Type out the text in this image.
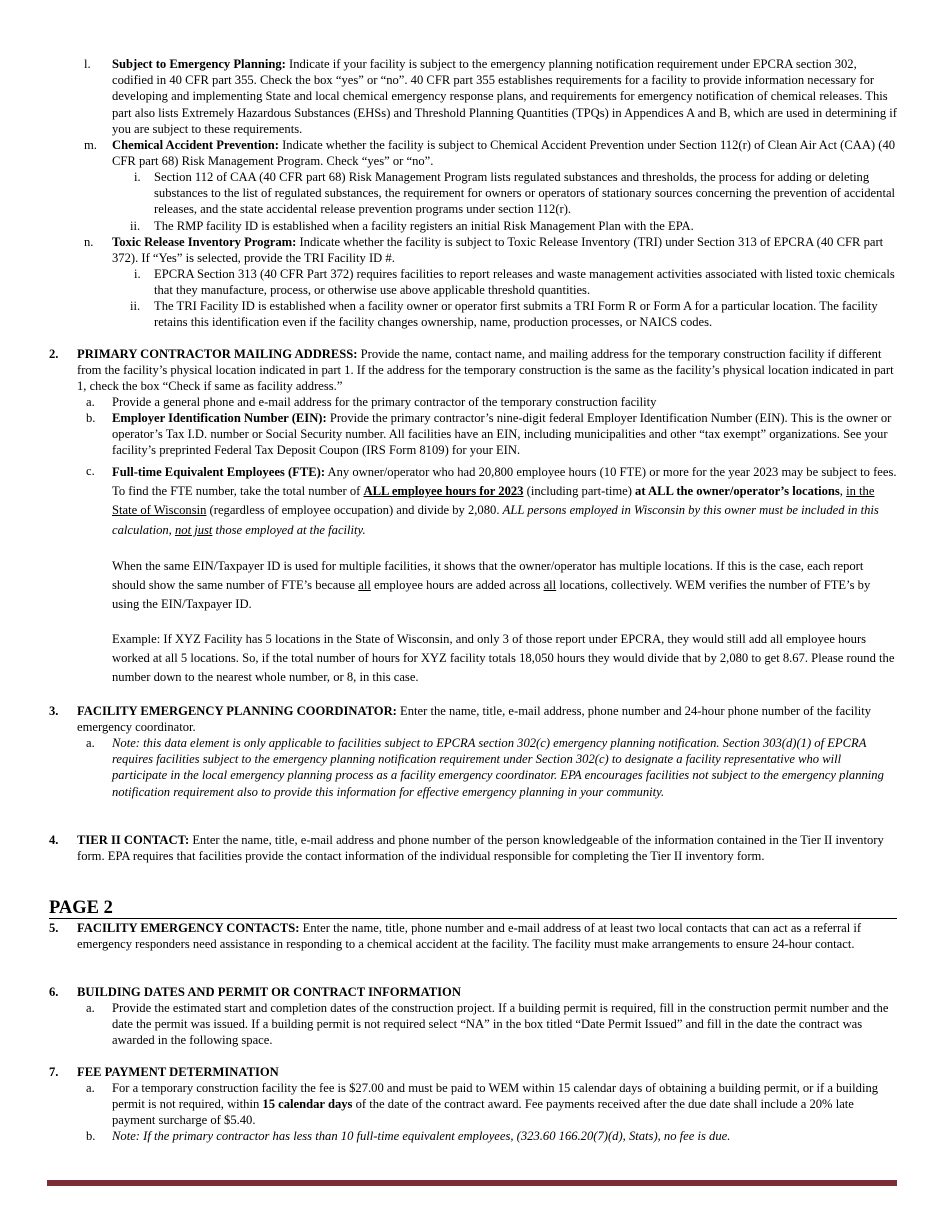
l. Subject to Emergency Planning: Indicate if your facility is subject to the emergency planning notification requirement under EPCRA section 302, codified in 40 CFR part 355. Check the box “yes” or “no”. 40 CFR part 355 establishes requirements for a facility to provide information necessary for developing and implementing State and local chemical emergency response plans, and requirements for emergency notification of chemical releases. This part also lists Extremely Hazardous Substances (EHSs) and Threshold Planning Quantities (TPQs) in Appendices A and B, which are used in determining if you are subject to these requirements.
m. Chemical Accident Prevention: Indicate whether the facility is subject to Chemical Accident Prevention under Section 112(r) of Clean Air Act (CAA) (40 CFR part 68) Risk Management Program. Check “yes” or “no”.
i. Section 112 of CAA (40 CFR part 68) Risk Management Program lists regulated substances and thresholds, the process for adding or deleting substances to the list of regulated substances, the requirement for owners or operators of stationary sources concerning the prevention of accidental releases, and the state accidental release prevention programs under section 112(r).
ii. The RMP facility ID is established when a facility registers an initial Risk Management Plan with the EPA.
n. Toxic Release Inventory Program: Indicate whether the facility is subject to Toxic Release Inventory (TRI) under Section 313 of EPCRA (40 CFR part 372). If “Yes” is selected, provide the TRI Facility ID #.
i. EPCRA Section 313 (40 CFR Part 372) requires facilities to report releases and waste management activities associated with listed toxic chemicals that they manufacture, process, or otherwise use above applicable threshold quantities.
ii. The TRI Facility ID is established when a facility owner or operator first submits a TRI Form R or Form A for a particular location. The facility retains this identification even if the facility changes ownership, name, production processes, or NAICS codes.
2. PRIMARY CONTRACTOR MAILING ADDRESS: Provide the name, contact name, and mailing address for the temporary construction facility if different from the facility’s physical location indicated in part 1. If the address for the temporary construction is the same as the facility’s physical location indicated in part 1, check the box “Check if same as facility address.”
a. Provide a general phone and e-mail address for the primary contractor of the temporary construction facility
b. Employer Identification Number (EIN): Provide the primary contractor’s nine-digit federal Employer Identification Number (EIN). This is the owner or operator’s Tax I.D. number or Social Security number. All facilities have an EIN, including municipalities and other “tax exempt” organizations. See your facility’s preprinted Federal Tax Deposit Coupon (IRS Form 8109) for your EIN.
c. Full-time Equivalent Employees (FTE): Any owner/operator who had 20,800 employee hours (10 FTE) or more for the year 2023 may be subject to fees. To find the FTE number, take the total number of ALL employee hours for 2023 (including part-time) at ALL the owner/operator’s locations, in the State of Wisconsin (regardless of employee occupation) and divide by 2,080. ALL persons employed in Wisconsin by this owner must be included in this calculation, not just those employed at the facility.
When the same EIN/Taxpayer ID is used for multiple facilities, it shows that the owner/operator has multiple locations. If this is the case, each report should show the same number of FTE’s because all employee hours are added across all locations, collectively. WEM verifies the number of FTE’s by using the EIN/Taxpayer ID.
Example: If XYZ Facility has 5 locations in the State of Wisconsin, and only 3 of those report under EPCRA, they would still add all employee hours worked at all 5 locations. So, if the total number of hours for XYZ facility totals 18,050 hours they would divide that by 2,080 to get 8.67. Please round the number down to the nearest whole number, or 8, in this case.
3. FACILITY EMERGENCY PLANNING COORDINATOR: Enter the name, title, e-mail address, phone number and 24-hour phone number of the facility emergency coordinator.
a. Note: this data element is only applicable to facilities subject to EPCRA section 302(c) emergency planning notification. Section 303(d)(1) of EPCRA requires facilities subject to the emergency planning notification requirement under Section 302(c) to designate a facility representative who will participate in the local emergency planning process as a facility emergency coordinator. EPA encourages facilities not subject to the emergency planning notification requirement also to provide this information for effective emergency planning in your community.
4. TIER II CONTACT: Enter the name, title, e-mail address and phone number of the person knowledgeable of the information contained in the Tier II inventory form. EPA requires that facilities provide the contact information of the individual responsible for completing the Tier II inventory form.
PAGE 2
5. FACILITY EMERGENCY CONTACTS: Enter the name, title, phone number and e-mail address of at least two local contacts that can act as a referral if emergency responders need assistance in responding to a chemical accident at the facility. The facility must make arrangements to ensure 24-hour contact.
6. BUILDING DATES AND PERMIT OR CONTRACT INFORMATION
a. Provide the estimated start and completion dates of the construction project. If a building permit is required, fill in the construction permit number and the date the permit was issued. If a building permit is not required select “NA” in the box titled “Date Permit Issued” and fill in the date the contract was awarded in the following space.
7. FEE PAYMENT DETERMINATION
a. For a temporary construction facility the fee is $27.00 and must be paid to WEM within 15 calendar days of obtaining a building permit, or if a building permit is not required, within 15 calendar days of the date of the contract award. Fee payments received after the due date shall include a 20% late payment surcharge of $5.40.
b. Note: If the primary contractor has less than 10 full-time equivalent employees, (323.60 166.20(7)(d), Stats), no fee is due.
